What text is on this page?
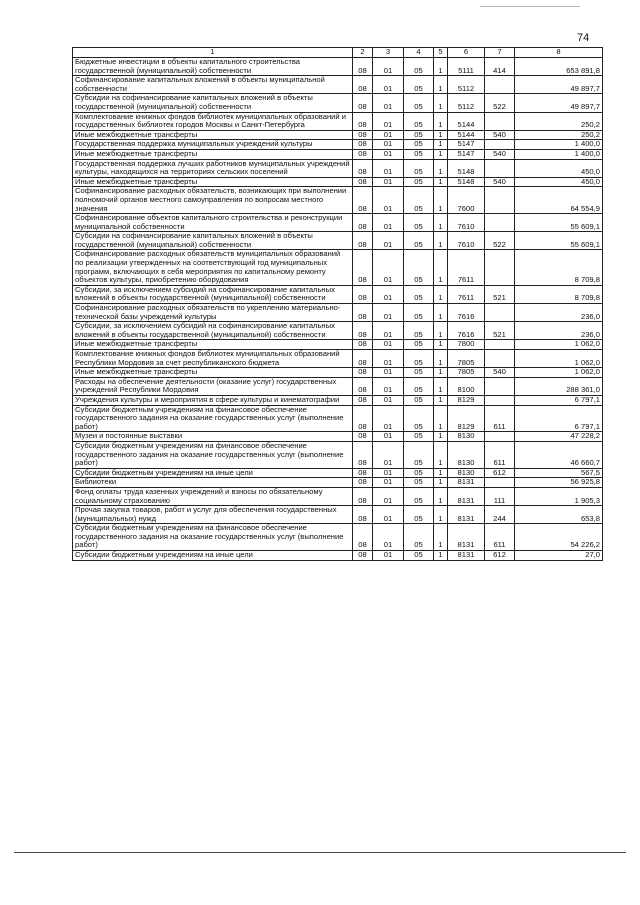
74
1	2	3	4	5	6	7	8
Бюджетные инвестиции в объекты капитального строительства государственной (муниципальной) собственности	08	01	05	1	5111	414	653 891,8
Софинансирование капитальных вложений в объекты муниципальной собственности	08	01	05	1	5112		49 897,7
Субсидии на софинансирование капитальных вложений в объекты государственной (муниципальной) собственности	08	01	05	1	5112	522	49 897,7
Комплектование книжных фондов библиотек муниципальных образований и государственных библиотек городов Москвы и Санкт-Петербурга	08	01	05	1	5144		250,2
Иные межбюджетные трансферты	08	01	05	1	5144	540	250,2
Государственная поддержка муниципальных учреждений культуры	08	01	05	1	5147		1 400,0
Иные межбюджетные трансферты	08	01	05	1	5147	540	1 400,0
Государственная поддержка лучших работников муниципальных учреждений культуры, находящихся на территориях сельских поселений	08	01	05	1	5148		450,0
Иные межбюджетные трансферты	08	01	05	1	5148	540	450,0
Софинансирование расходных обязательств, возникающих при выполнении полномочий органов местного самоуправления по вопросам местного значения	08	01	05	1	7600		64 554,9
Софинансирование объектов капитального строительства и реконструкции муниципальной собственности	08	01	05	1	7610		55 609,1
Субсидии на софинансирование капитальных вложений в объекты государственной (муниципальной) собственности	08	01	05	1	7610	522	55 609,1
Софинансирование расходных обязательств муниципальных образований по реализации утвержденных на соответствующий год муниципальных программ, включающих в себя мероприятия по капитальному ремонту объектов культуры, приобретению оборудования	08	01	05	1	7611		8 709,8
Субсидии, за исключением субсидий на софинансирование капитальных вложений в объекты государственной (муниципальной) собственности	08	01	05	1	7611	521	8 709,8
Софинансирование расходных обязательств по укреплению материально-технической базы учреждений культуры	08	01	05	1	7616		236,0
Субсидии, за исключением субсидий на софинансирование капитальных вложений в объекты государственной (муниципальной) собственности	08	01	05	1	7616	521	236,0
Иные межбюджетные трансферты	08	01	05	1	7800		1 062,0
Комплектование книжных фондов библиотек муниципальных образований Республики Мордовия за счет республиканского бюджета	08	01	05	1	7805		1 062,0
Иные межбюджетные трансферты	08	01	05	1	7805	540	1 062,0
Расходы на обеспечение деятельности (оказание услуг) государственных учреждений Республики Мордовия	08	01	05	1	8100		288 361,0
Учреждения культуры и мероприятия в сфере культуры и кинематографии	08	01	05	1	8129		6 797,1
Субсидии бюджетным учреждениям на финансовое обеспечение государственного задания на оказание государственных услуг (выполнение работ)	08	01	05	1	8129	611	6 797,1
Музеи и постоянные выставки	08	01	05	1	8130		47 228,2
Субсидии бюджетным учреждениям на финансовое обеспечение государственного задания на оказание государственных услуг (выполнение работ)	08	01	05	1	8130	611	46 660,7
Субсидии бюджетным учреждениям на иные цели	08	01	05	1	8130	612	567,5
Библиотеки	08	01	05	1	8131		56 925,8
Фонд оплаты труда казенных учреждений и взносы по обязательному социальному страхованию	08	01	05	1	8131	111	1 905,3
Прочая закупка товаров, работ и услуг для обеспечения государственных (муниципальных) нужд	08	01	05	1	8131	244	653,8
Субсидии бюджетным учреждениям на финансовое обеспечение государственного задания на оказание государственных услуг (выполнение работ)	08	01	05	1	8131	611	54 226,2
Субсидии бюджетным учреждениям на иные цели	08	01	05	1	8131	612	27,0
